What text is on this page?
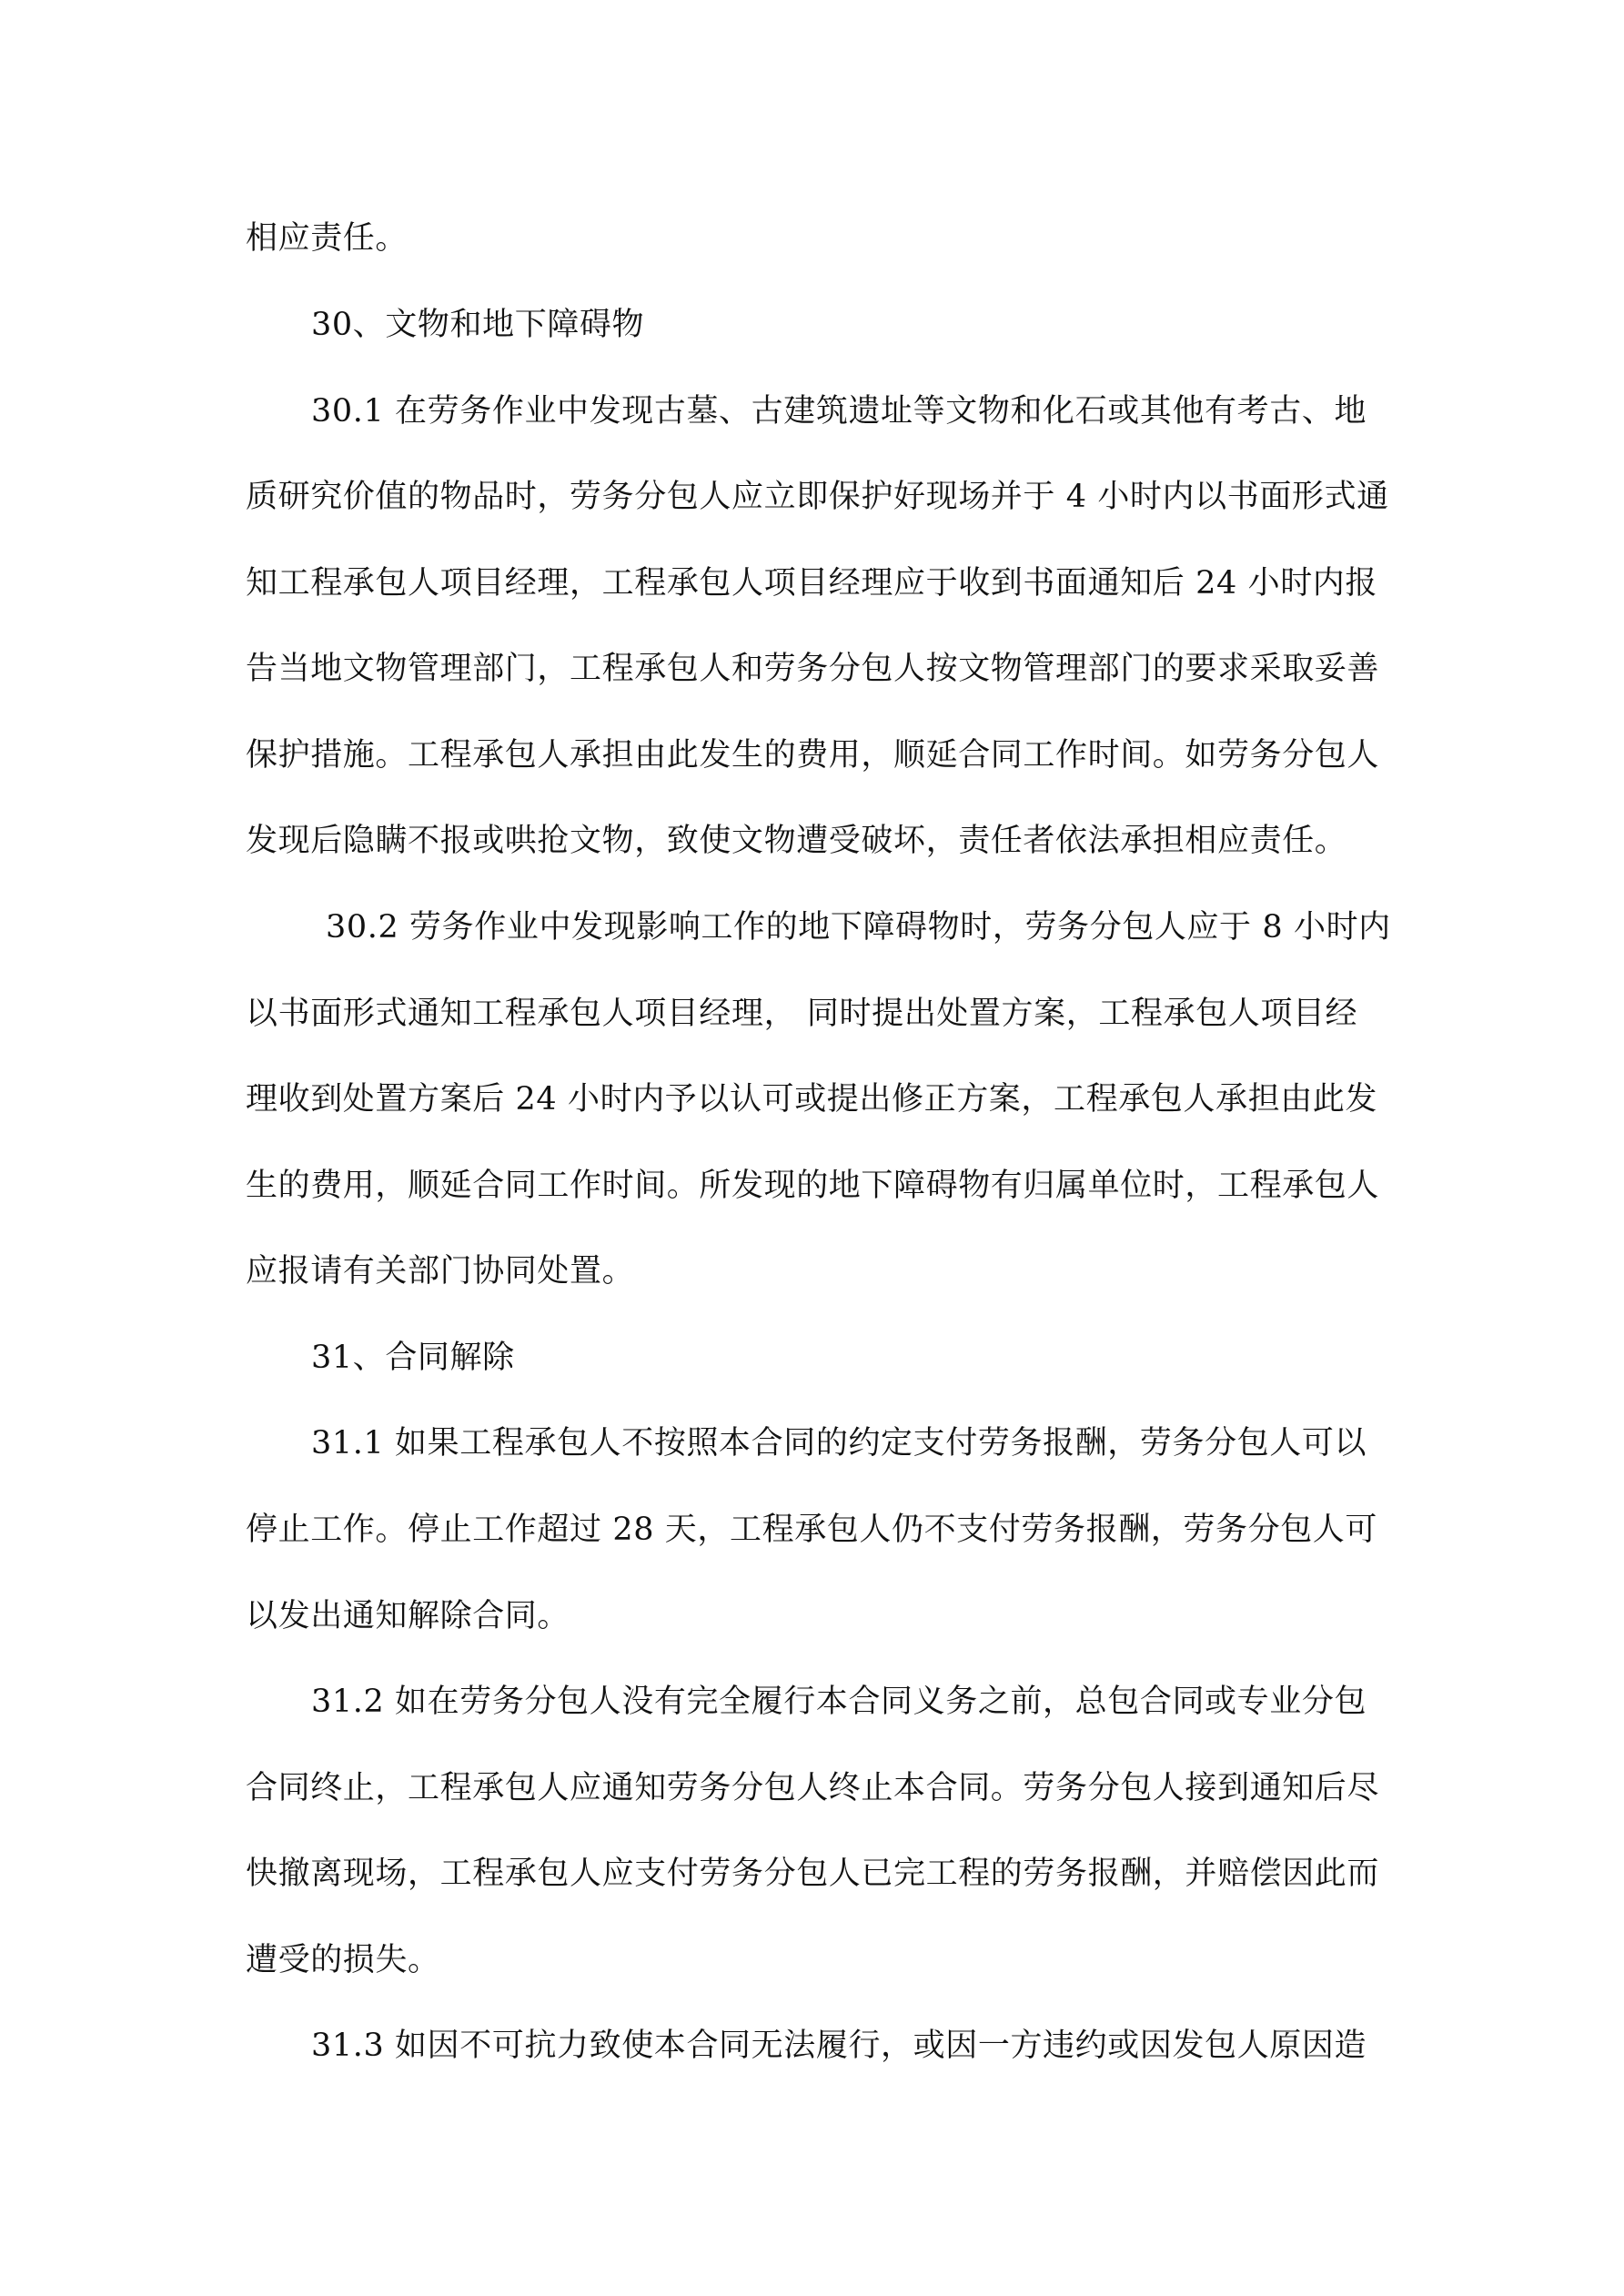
相应责任。
30、文物和地下障碍物
30.1 在劳务作业中发现古墓、古建筑遗址等文物和化石或其他有考古、地
质研究价值的物品时，劳务分包人应立即保护好现场并于 4 小时内以书面形式通
知工程承包人项目经理，工程承包人项目经理应于收到书面通知后 24 小时内报
告当地文物管理部门，工程承包人和劳务分包人按文物管理部门的要求采取妥善
保护措施。工程承包人承担由此发生的费用，顺延合同工作时间。如劳务分包人
发现后隐瞒不报或哄抢文物，致使文物遭受破坏，责任者依法承担相应责任。
30.2 劳务作业中发现影响工作的地下障碍物时，劳务分包人应于 8 小时内
以书面形式通知工程承包人项目经理， 同时提出处置方案，工程承包人项目经
理收到处置方案后 24 小时内予以认可或提出修正方案，工程承包人承担由此发
生的费用，顺延合同工作时间。所发现的地下障碍物有归属单位时，工程承包人
应报请有关部门协同处置。
31、合同解除
31.1 如果工程承包人不按照本合同的约定支付劳务报酬，劳务分包人可以
停止工作。停止工作超过 28 天，工程承包人仍不支付劳务报酬，劳务分包人可
以发出通知解除合同。
31.2 如在劳务分包人没有完全履行本合同义务之前，总包合同或专业分包
合同终止，工程承包人应通知劳务分包人终止本合同。劳务分包人接到通知后尽
快撤离现场，工程承包人应支付劳务分包人已完工程的劳务报酬，并赔偿因此而
遭受的损失。
31.3 如因不可抗力致使本合同无法履行，或因一方违约或因发包人原因造
